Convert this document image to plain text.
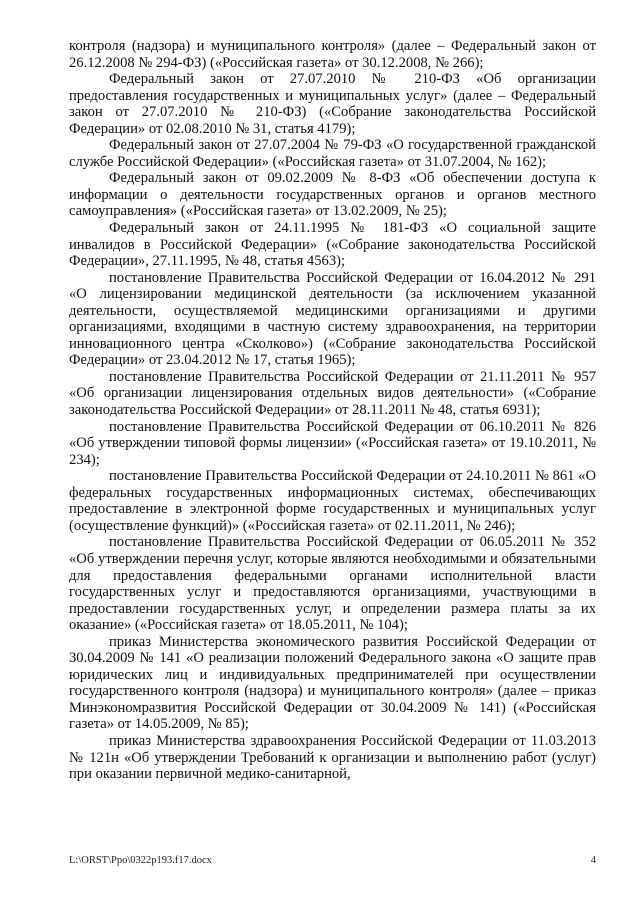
контроля (надзора) и муниципального контроля» (далее – Федеральный закон от 26.12.2008 № 294-ФЗ) («Российская газета» от 30.12.2008, № 266);

Федеральный закон от 27.07.2010 № 210-ФЗ «Об организации предоставления государственных и муниципальных услуг» (далее – Федеральный закон от 27.07.2010 № 210-ФЗ) («Собрание законодательства Российской Федерации» от 02.08.2010 № 31, статья 4179);

Федеральный закон от 27.07.2004 № 79-ФЗ «О государственной гражданской службе Российской Федерации» («Российская газета» от 31.07.2004, № 162);

Федеральный закон от 09.02.2009 № 8-ФЗ «Об обеспечении доступа к информации о деятельности государственных органов и органов местного самоуправления» («Российская газета» от 13.02.2009, № 25);

Федеральный закон от 24.11.1995 № 181-ФЗ «О социальной защите инвалидов в Российской Федерации» («Собрание законодательства Российской Федерации», 27.11.1995, № 48, статья 4563);

постановление Правительства Российской Федерации от 16.04.2012 № 291 «О лицензировании медицинской деятельности (за исключением указанной деятельности, осуществляемой медицинскими организациями и другими организациями, входящими в частную систему здравоохранения, на территории инновационного центра «Сколково») («Собрание законодательства Российской Федерации» от 23.04.2012 № 17, статья 1965);

постановление Правительства Российской Федерации от 21.11.2011 № 957 «Об организации лицензирования отдельных видов деятельности» («Собрание законодательства Российской Федерации» от 28.11.2011 № 48, статья 6931);

постановление Правительства Российской Федерации от 06.10.2011 № 826 «Об утверждении типовой формы лицензии» («Российская газета» от 19.10.2011, № 234);

постановление Правительства Российской Федерации от 24.10.2011 № 861 «О федеральных государственных информационных системах, обеспечивающих предоставление в электронной форме государственных и муниципальных услуг (осуществление функций)» («Российская газета» от 02.11.2011, № 246);

постановление Правительства Российской Федерации от 06.05.2011 № 352 «Об утверждении перечня услуг, которые являются необходимыми и обязательными для предоставления федеральными органами исполнительной власти государственных услуг и предоставляются организациями, участвующими в предоставлении государственных услуг, и определении размера платы за их оказание» («Российская газета» от 18.05.2011, № 104);

приказ Министерства экономического развития Российской Федерации от 30.04.2009 № 141 «О реализации положений Федерального закона «О защите прав юридических лиц и индивидуальных предпринимателей при осуществлении государственного контроля (надзора) и муниципального контроля» (далее – приказ Минэкономразвития Российской Федерации от 30.04.2009 № 141) («Российская газета» от 14.05.2009, № 85);

приказ Министерства здравоохранения Российской Федерации от 11.03.2013 № 121н «Об утверждении Требований к организации и выполнению работ (услуг) при оказании первичной медико-санитарной,

L:\ORST\Ppo\0322p193.f17.docx	4
